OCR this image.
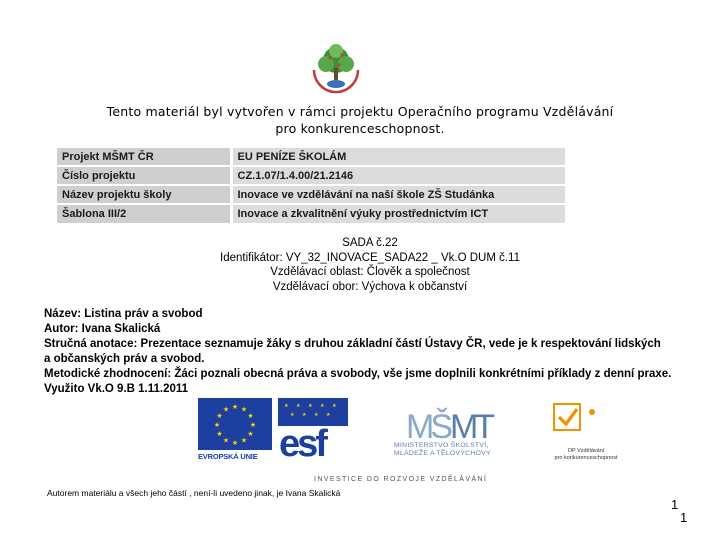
Tento materiál byl vytvořen v rámci projektu Operačního programu Vzdělávání
pro konkurenceschopnost.
Projekt MŠMT ČR	EU PENÍZE ŠKOLÁM
Číslo projektu	CZ.1.07/1.4.00/21.2146
Název projektu školy	Inovace ve vzdělávání na naší škole ZŠ Studánka
Šablona III/2	Inovace a zkvalitnění výuky prostřednictvím ICT
SADA č.22
Identifikátor: VY_32_INOVACE_SADA22 _ Vk.O DUM č.11
Vzdělávací oblast: Člověk a společnost
Vzdělávací obor: Výchova k občanství
Název: Listina práv a svobod
Autor: Ivana Skalická
Stručná anotace: Prezentace seznamuje žáky s druhou základní částí Ústavy ČR, vede je k respektování lidských
a občanských práv a svobod.
Metodické zhodnocení: Žáci poznali obecná práva a svobody, vše jsme doplnili konkrétními příklady z denní praxe.
Využito Vk.O 9.B 1.11.2011
★ ★
★
★
★
★
★
★
★
★
★
★
EVROPSKÁ UNIE
★ ★ ★ ★ ★
★ ★ ★ ★
esf MŠ MT
MINISTERSTVO ŠKOLSTVÍ,
MLÁDEŽE A TĚLOVÝCHOVY
INVESTICE DO ROZVOJE VZDĚLÁVÁNÍ
OP Vzdělávání
pro konkurenceschopnost
Autorem materiálu a všech jeho částí , není-li uvedeno jinak, je Ivana Skalická
1
1
